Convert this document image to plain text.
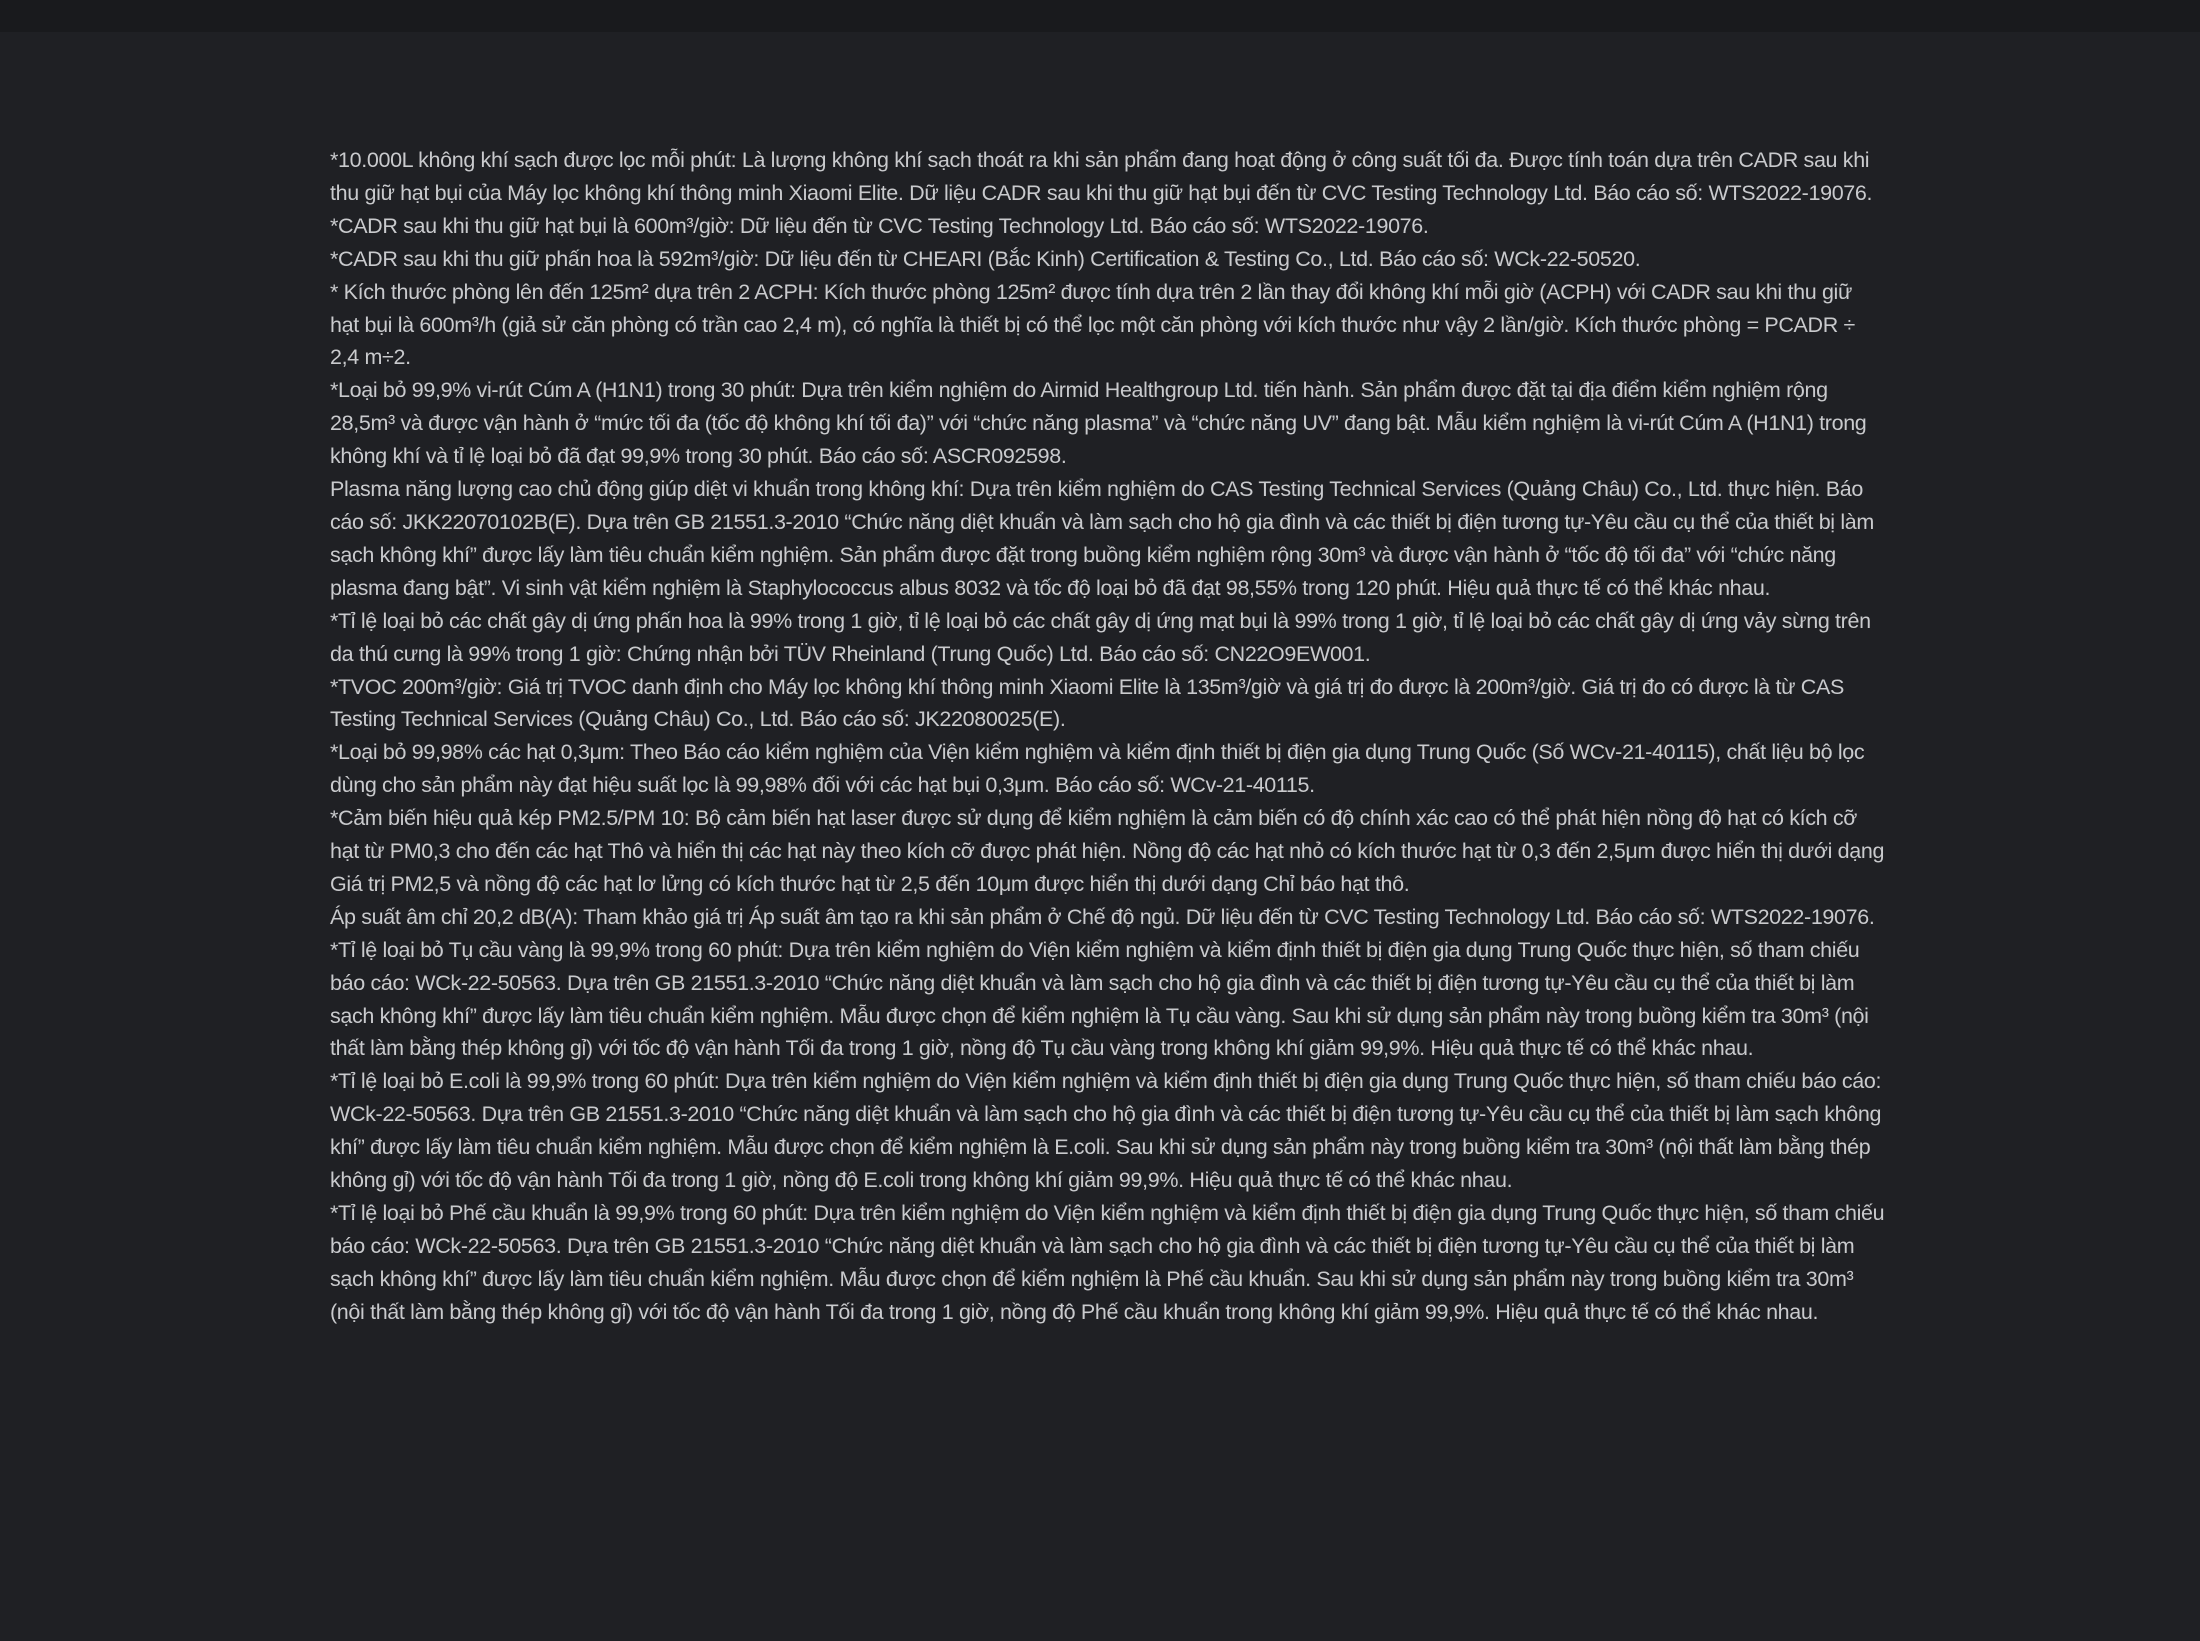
*10.000L không khí sạch được lọc mỗi phút: Là lượng không khí sạch thoát ra khi sản phẩm đang hoạt động ở công suất tối đa. Được tính toán dựa trên CADR sau khi thu giữ hạt bụi của Máy lọc không khí thông minh Xiaomi Elite. Dữ liệu CADR sau khi thu giữ hạt bụi đến từ CVC Testing Technology Ltd. Báo cáo số: WTS2022-19076.

*CADR sau khi thu giữ hạt bụi là 600m³/giờ: Dữ liệu đến từ CVC Testing Technology Ltd. Báo cáo số: WTS2022-19076.

*CADR sau khi thu giữ phấn hoa là 592m³/giờ: Dữ liệu đến từ CHEARI (Bắc Kinh) Certification & Testing Co., Ltd. Báo cáo số: WCk-22-50520.

* Kích thước phòng lên đến 125m² dựa trên 2 ACPH: Kích thước phòng 125m² được tính dựa trên 2 lần thay đổi không khí mỗi giờ (ACPH) với CADR sau khi thu giữ hạt bụi là 600m³/h (giả sử căn phòng có trần cao 2,4 m), có nghĩa là thiết bị có thể lọc một căn phòng với kích thước như vậy 2 lần/giờ. Kích thước phòng = PCADR ÷ 2,4 m÷2.

*Loại bỏ 99,9% vi-rút Cúm A (H1N1) trong 30 phút: Dựa trên kiểm nghiệm do Airmid Healthgroup Ltd. tiến hành. Sản phẩm được đặt tại địa điểm kiểm nghiệm rộng 28,5m³ và được vận hành ở “mức tối đa (tốc độ không khí tối đa)” với “chức năng plasma” và “chức năng UV” đang bật. Mẫu kiểm nghiệm là vi-rút Cúm A (H1N1) trong không khí và tỉ lệ loại bỏ đã đạt 99,9% trong 30 phút. Báo cáo số: ASCR092598.

Plasma năng lượng cao chủ động giúp diệt vi khuẩn trong không khí: Dựa trên kiểm nghiệm do CAS Testing Technical Services (Quảng Châu) Co., Ltd. thực hiện. Báo cáo số: JKK22070102B(E). Dựa trên GB 21551.3-2010 “Chức năng diệt khuẩn và làm sạch cho hộ gia đình và các thiết bị điện tương tự-Yêu cầu cụ thể của thiết bị làm sạch không khí” được lấy làm tiêu chuẩn kiểm nghiệm. Sản phẩm được đặt trong buồng kiểm nghiệm rộng 30m³ và được vận hành ở “tốc độ tối đa” với “chức năng plasma đang bật”. Vi sinh vật kiểm nghiệm là Staphylococcus albus 8032 và tốc độ loại bỏ đã đạt 98,55% trong 120 phút. Hiệu quả thực tế có thể khác nhau.

*Tỉ lệ loại bỏ các chất gây dị ứng phấn hoa là 99% trong 1 giờ, tỉ lệ loại bỏ các chất gây dị ứng mạt bụi là 99% trong 1 giờ, tỉ lệ loại bỏ các chất gây dị ứng vảy sừng trên da thú cưng là 99% trong 1 giờ: Chứng nhận bởi TÜV Rheinland (Trung Quốc) Ltd. Báo cáo số: CN22O9EW001.

*TVOC 200m³/giờ: Giá trị TVOC danh định cho Máy lọc không khí thông minh Xiaomi Elite là 135m³/giờ và giá trị đo được là 200m³/giờ. Giá trị đo có được là từ CAS Testing Technical Services (Quảng Châu) Co., Ltd. Báo cáo số: JK22080025(E).

*Loại bỏ 99,98% các hạt 0,3μm: Theo Báo cáo kiểm nghiệm của Viện kiểm nghiệm và kiểm định thiết bị điện gia dụng Trung Quốc (Số WCv-21-40115), chất liệu bộ lọc dùng cho sản phẩm này đạt hiệu suất lọc là 99,98% đối với các hạt bụi 0,3μm. Báo cáo số: WCv-21-40115.

*Cảm biến hiệu quả kép PM2.5/PM 10: Bộ cảm biến hạt laser được sử dụng để kiểm nghiệm là cảm biến có độ chính xác cao có thể phát hiện nồng độ hạt có kích cỡ hạt từ PM0,3 cho đến các hạt Thô và hiển thị các hạt này theo kích cỡ được phát hiện. Nồng độ các hạt nhỏ có kích thước hạt từ 0,3 đến 2,5μm được hiển thị dưới dạng Giá trị PM2,5 và nồng độ các hạt lơ lửng có kích thước hạt từ 2,5 đến 10μm được hiển thị dưới dạng Chỉ báo hạt thô.

Áp suất âm chỉ 20,2 dB(A): Tham khảo giá trị Áp suất âm tạo ra khi sản phẩm ở Chế độ ngủ. Dữ liệu đến từ CVC Testing Technology Ltd. Báo cáo số: WTS2022-19076.

*Tỉ lệ loại bỏ Tụ cầu vàng là 99,9% trong 60 phút: Dựa trên kiểm nghiệm do Viện kiểm nghiệm và kiểm định thiết bị điện gia dụng Trung Quốc thực hiện, số tham chiếu báo cáo: WCk-22-50563. Dựa trên GB 21551.3-2010 “Chức năng diệt khuẩn và làm sạch cho hộ gia đình và các thiết bị điện tương tự-Yêu cầu cụ thể của thiết bị làm sạch không khí” được lấy làm tiêu chuẩn kiểm nghiệm. Mẫu được chọn để kiểm nghiệm là Tụ cầu vàng. Sau khi sử dụng sản phẩm này trong buồng kiểm tra 30m³ (nội thất làm bằng thép không gỉ) với tốc độ vận hành Tối đa trong 1 giờ, nồng độ Tụ cầu vàng trong không khí giảm 99,9%. Hiệu quả thực tế có thể khác nhau.

*Tỉ lệ loại bỏ E.coli là 99,9% trong 60 phút: Dựa trên kiểm nghiệm do Viện kiểm nghiệm và kiểm định thiết bị điện gia dụng Trung Quốc thực hiện, số tham chiếu báo cáo: WCk-22-50563. Dựa trên GB 21551.3-2010 “Chức năng diệt khuẩn và làm sạch cho hộ gia đình và các thiết bị điện tương tự-Yêu cầu cụ thể của thiết bị làm sạch không khí” được lấy làm tiêu chuẩn kiểm nghiệm. Mẫu được chọn để kiểm nghiệm là E.coli. Sau khi sử dụng sản phẩm này trong buồng kiểm tra 30m³ (nội thất làm bằng thép không gỉ) với tốc độ vận hành Tối đa trong 1 giờ, nồng độ E.coli trong không khí giảm 99,9%. Hiệu quả thực tế có thể khác nhau.

*Tỉ lệ loại bỏ Phế cầu khuẩn là 99,9% trong 60 phút: Dựa trên kiểm nghiệm do Viện kiểm nghiệm và kiểm định thiết bị điện gia dụng Trung Quốc thực hiện, số tham chiếu báo cáo: WCk-22-50563. Dựa trên GB 21551.3-2010 “Chức năng diệt khuẩn và làm sạch cho hộ gia đình và các thiết bị điện tương tự-Yêu cầu cụ thể của thiết bị làm sạch không khí” được lấy làm tiêu chuẩn kiểm nghiệm. Mẫu được chọn để kiểm nghiệm là Phế cầu khuẩn. Sau khi sử dụng sản phẩm này trong buồng kiểm tra 30m³ (nội thất làm bằng thép không gỉ) với tốc độ vận hành Tối đa trong 1 giờ, nồng độ Phế cầu khuẩn trong không khí giảm 99,9%. Hiệu quả thực tế có thể khác nhau.
